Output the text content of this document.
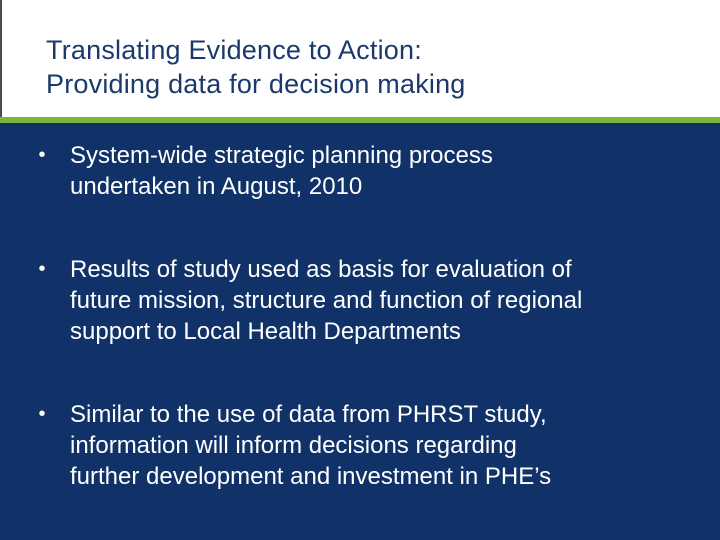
Translating Evidence to Action:
Providing data for decision making
• System-wide strategic planning process
undertaken in August, 2010
• Results of study used as basis for evaluation of
future mission, structure and function of regional
support to Local Health Departments
• Similar to the use of data from PHRST study,
information will inform decisions regarding
further development and investment in PHE’s
